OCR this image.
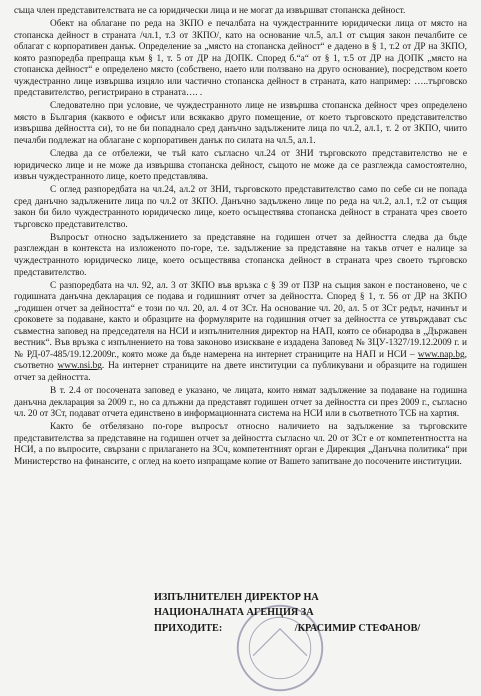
съща член представителствата не са юридически лица и не могат да извършват стопанска дейност.

Обект на облагане по реда на ЗКПО е печалбата на чуждестранните юридически лица от място на стопанска дейност в страната /чл.1, т.3 от ЗКПО/, като на основание чл.5, ал.1 от същия закон печалбите се облагат с корпоративен данък. Определение за „място на стопанска дейност“ е дадено в § 1, т.2 от ДР на ЗКПО, която разпоредба препраща към § 1, т. 5 от ДР на ДОПК. Според б.“а“ от § 1, т.5 от ДР на ДОПК „място на стопанска дейност“ е определено място (собствено, наето или ползвано на друго основание), посредством което чуждестранно лице извършва изцяло или частично стопанска дейност в страната, като например: …..търговско представителство, регистрирано в страната…. .

Следователно при условие, че чуждестранното лице не извършва стопанска дейност чрез определено място в България (каквото е офисът или всякакво друго помещение, от което търговското представителство извършва дейността си), то не би попаднало сред данъчно задължените лица по чл.2, ал.1, т. 2 от ЗКПО, чиито печалби подлежат на облагане с корпоративен данък по силата на чл.5, ал.1.

Следва да се отбележи, че тъй като съгласно чл.24 от ЗНИ търговското представителство не е юридическо лице и не може да извършва стопанска дейност, същото не може да се разглежда самостоятелно, извън чуждестранното лице, което представлява.

С оглед разпоредбата на чл.24, ал.2 от ЗНИ, търговското представителство само по себе си не попада сред данъчно задължените лица по чл.2 от ЗКПО. Данъчно задължено лице по реда на чл.2, ал.1, т.2 от същия закон би било чуждестранното юридическо лице, което осъществява стопанска дейност в страната чрез своето търговско представителство.

Въпросът относно задължението за представяне на годишен отчет за дейността следва да бъде разглеждан в контекста на изложеното по-горе, т.е. задължение за представяне на такъв отчет е налице за чуждестранното юридическо лице, което осъществява стопанска дейност в страната чрез своето търговско представителство.

С разпоредбата на чл. 92, ал. 3 от ЗКПО във връзка с § 39 от ПЗР на същия закон е постановено, че с годишната данъчна декларация се подава и годишният отчет за дейността. Според § 1, т. 56 от ДР на ЗКПО „годишен отчет за дейността“ е този по чл. 20, ал. 4 от ЗСт. На основание чл. 20, ал. 5 от ЗСт редът, начинът и сроковете за подаване, както и образците на формулярите на годишния отчет за дейността се утвърждават със съвместна заповед на председателя на НСИ и изпълнителния директор на НАП, която се обнародва в „Държавен вестник“. Във връзка с изпълнението на това законово изискване е издадена Заповед № ЗЦУ-1327/19.12.2009 г. и № РД-07-485/19.12.2009г., която може да бъде намерена на интернет страниците на НАП и НСИ – www.nap.bg, съответно www.nsi.bg. На интернет страниците на двете институции са публикувани и образците на годишен отчет за дейността.

В т. 2.4 от посочената заповед е указано, че лицата, които нямат задължение за подаване на годишна данъчна декларация за 2009 г., но са длъжни да представят годишен отчет за дейността си през 2009 г., съгласно чл. 20 от ЗСт, подават отчета единствено в информационната система на НСИ или в съответното ТСБ на хартия.

Както бе отбелязано по-горе въпросът относно наличието на задължение за търговските представителства за представяне на годишен отчет за дейността съгласно чл. 20 от ЗСт е от компетентността на НСИ, а по въпросите, свързани с прилагането на ЗСч, компетентният орган е Дирекция „Данъчна политика“ при Министерство на финансите, с оглед на което изпращаме копие от Вашето запитване до посочените институции.

ИЗПЪЛНИТЕЛЕН ДИРЕКТОР НА
НАЦИОНАЛНАТА АГЕНЦИЯ ЗА
ПРИХОДИТЕ:	/КРАСИМИР СТЕФАНОВ/
